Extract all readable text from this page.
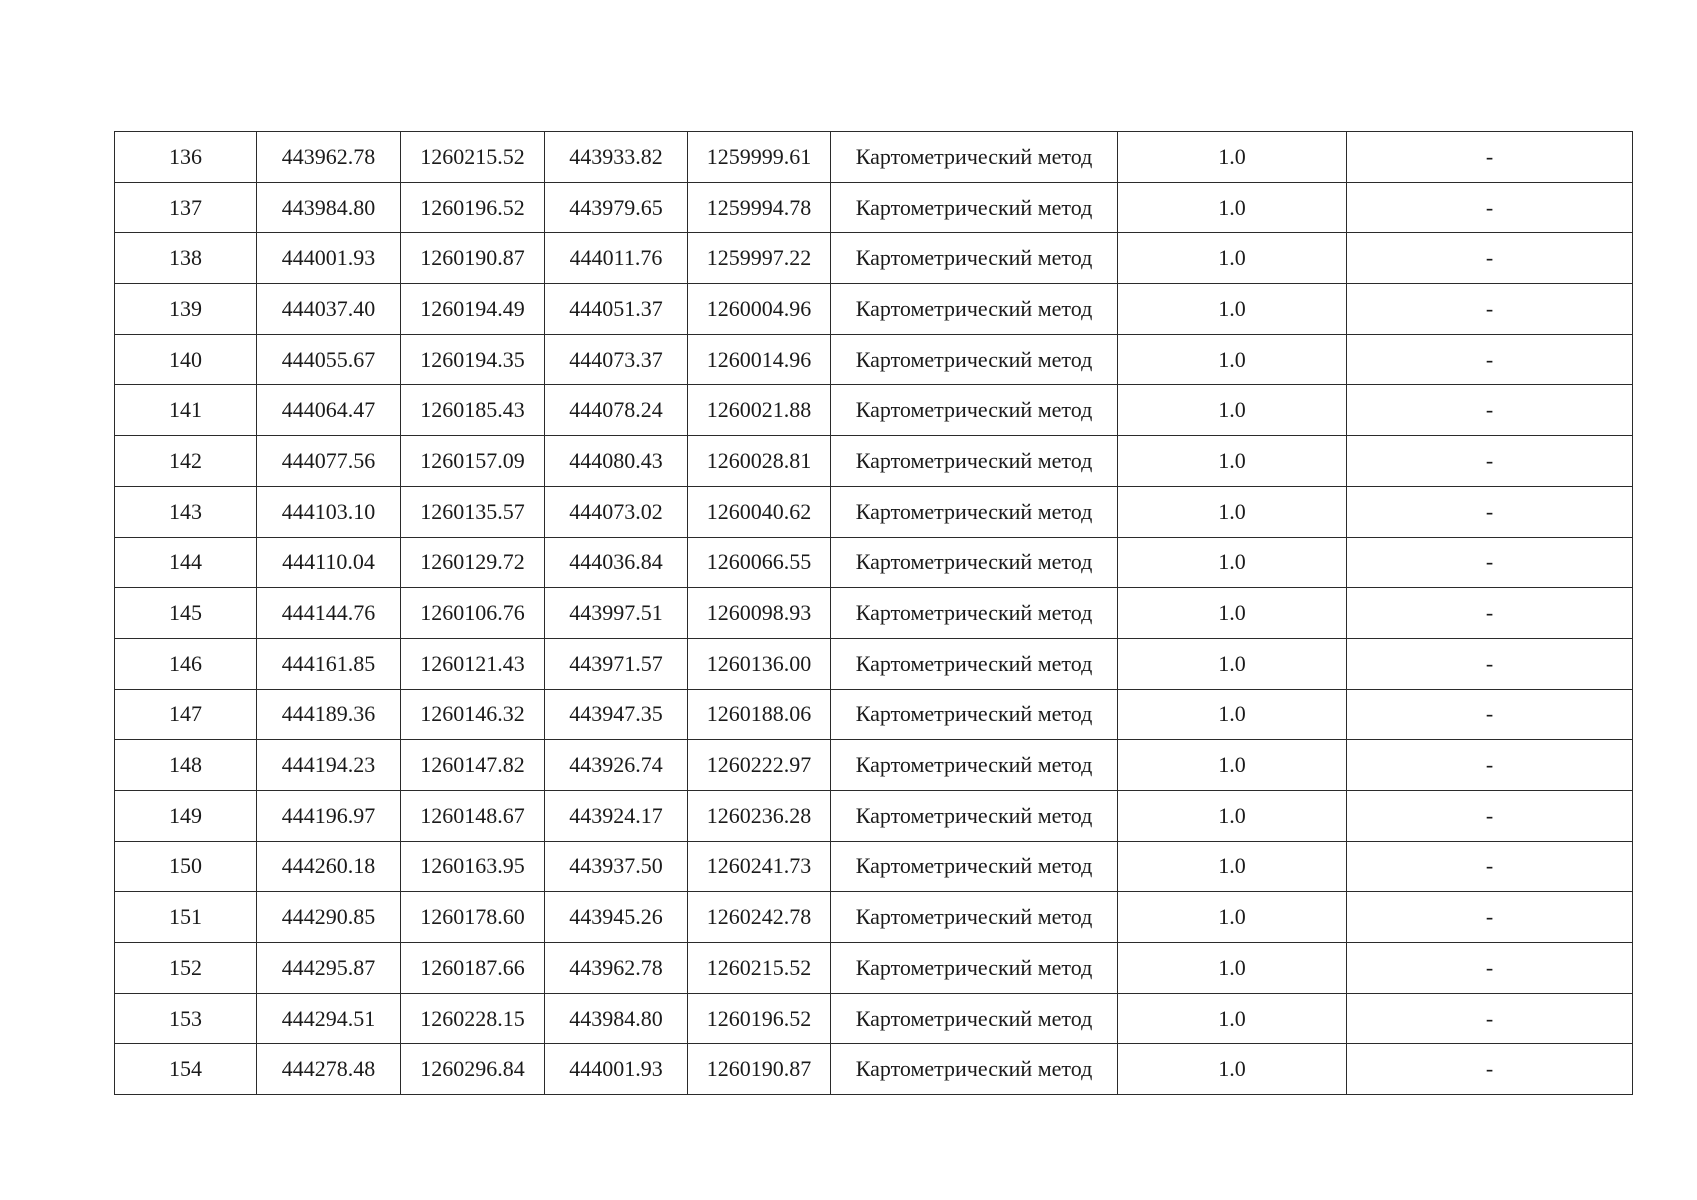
136	443962.78	1260215.52	443933.82	1259999.61	Картометрический метод	1.0	-
137	443984.80	1260196.52	443979.65	1259994.78	Картометрический метод	1.0	-
138	444001.93	1260190.87	444011.76	1259997.22	Картометрический метод	1.0	-
139	444037.40	1260194.49	444051.37	1260004.96	Картометрический метод	1.0	-
140	444055.67	1260194.35	444073.37	1260014.96	Картометрический метод	1.0	-
141	444064.47	1260185.43	444078.24	1260021.88	Картометрический метод	1.0	-
142	444077.56	1260157.09	444080.43	1260028.81	Картометрический метод	1.0	-
143	444103.10	1260135.57	444073.02	1260040.62	Картометрический метод	1.0	-
144	444110.04	1260129.72	444036.84	1260066.55	Картометрический метод	1.0	-
145	444144.76	1260106.76	443997.51	1260098.93	Картометрический метод	1.0	-
146	444161.85	1260121.43	443971.57	1260136.00	Картометрический метод	1.0	-
147	444189.36	1260146.32	443947.35	1260188.06	Картометрический метод	1.0	-
148	444194.23	1260147.82	443926.74	1260222.97	Картометрический метод	1.0	-
149	444196.97	1260148.67	443924.17	1260236.28	Картометрический метод	1.0	-
150	444260.18	1260163.95	443937.50	1260241.73	Картометрический метод	1.0	-
151	444290.85	1260178.60	443945.26	1260242.78	Картометрический метод	1.0	-
152	444295.87	1260187.66	443962.78	1260215.52	Картометрический метод	1.0	-
153	444294.51	1260228.15	443984.80	1260196.52	Картометрический метод	1.0	-
154	444278.48	1260296.84	444001.93	1260190.87	Картометрический метод	1.0	-
